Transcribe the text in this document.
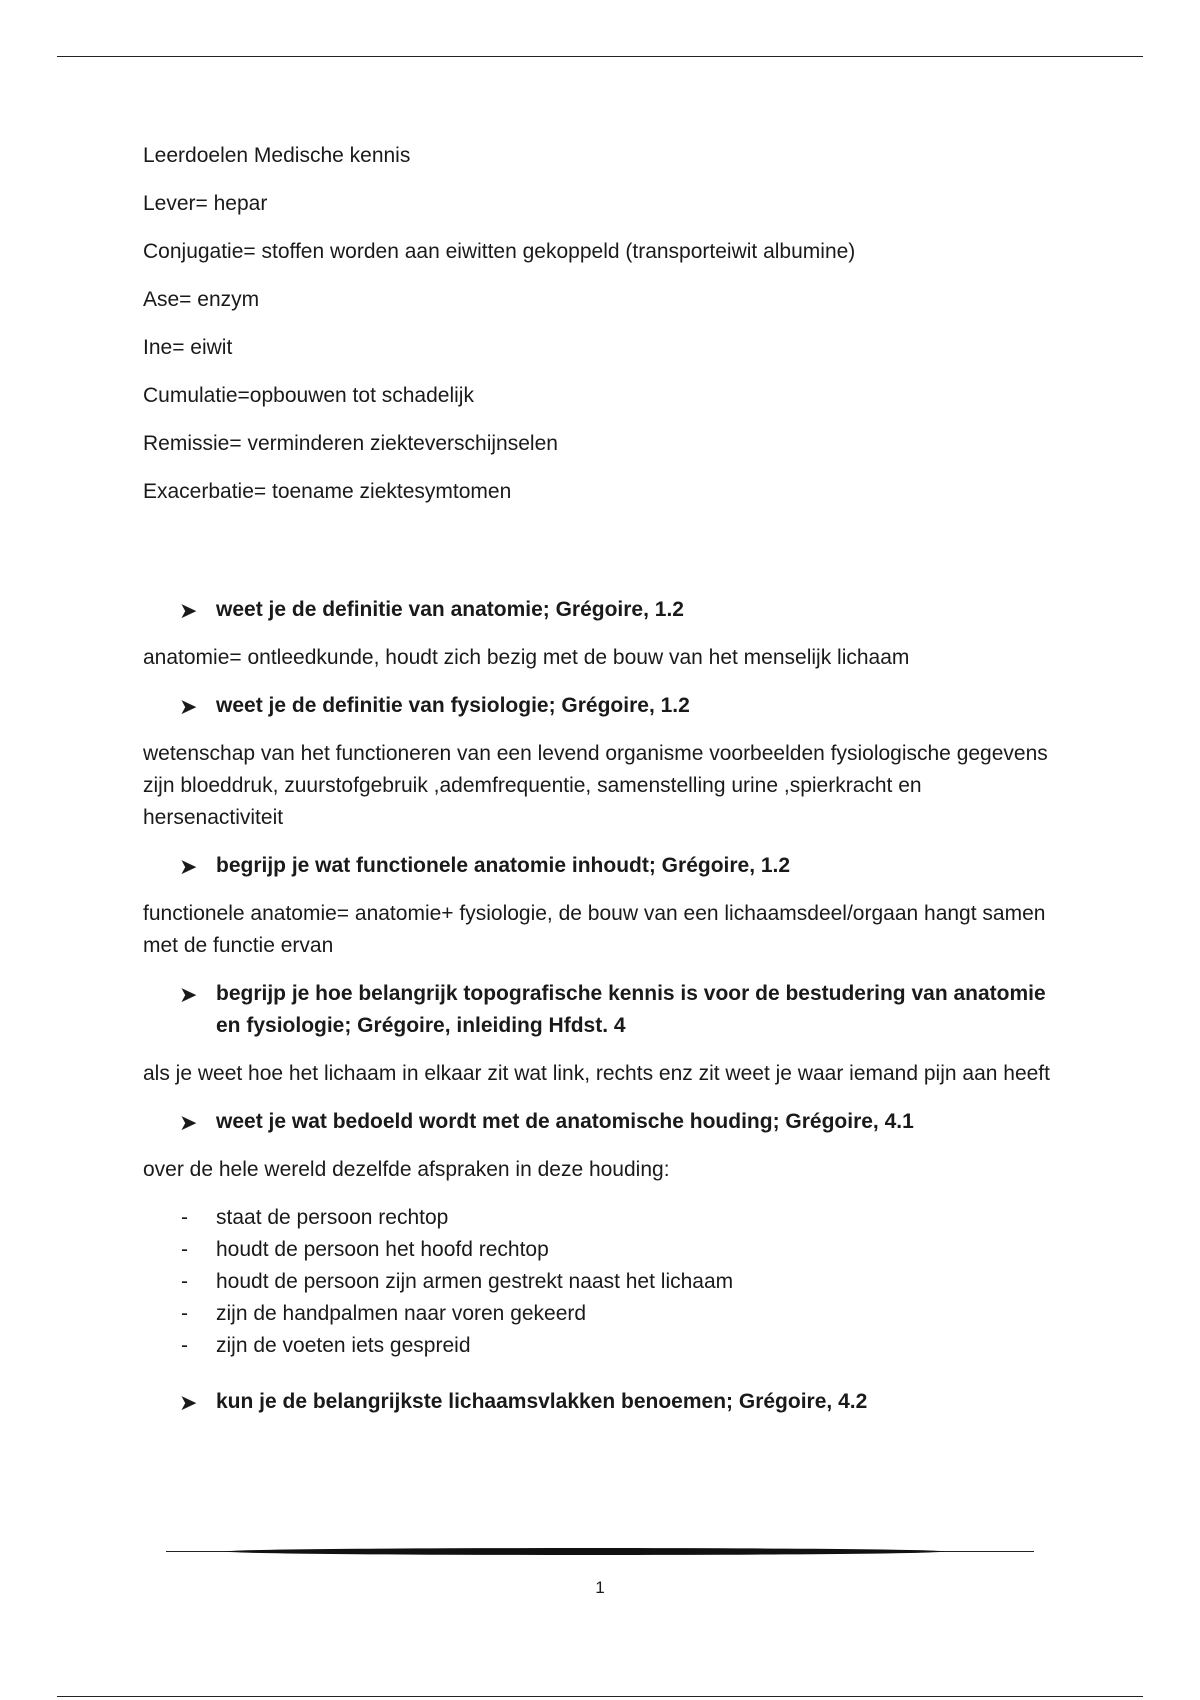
Leerdoelen Medische kennis
Lever= hepar
Conjugatie= stoffen worden aan eiwitten gekoppeld (transporteiwit albumine)
Ase= enzym
Ine= eiwit
Cumulatie=opbouwen tot schadelijk
Remissie= verminderen ziekteverschijnselen
Exacerbatie= toename ziektesymtomen
➤ weet je de definitie van anatomie; Grégoire, 1.2
anatomie= ontleedkunde, houdt zich bezig met de bouw van het menselijk lichaam
➤ weet je de definitie van fysiologie; Grégoire, 1.2
wetenschap van het functioneren van een levend organisme voorbeelden fysiologische gegevens zijn bloeddruk, zuurstofgebruik ,ademfrequentie, samenstelling urine ,spierkracht en hersenactiviteit
➤ begrijp je wat functionele anatomie inhoudt; Grégoire, 1.2
functionele anatomie= anatomie+ fysiologie, de bouw van een lichaamsdeel/orgaan hangt samen met de functie ervan
➤ begrijp je hoe belangrijk topografische kennis is voor de bestudering van anatomie en fysiologie; Grégoire, inleiding Hfdst. 4
als je weet hoe het lichaam in elkaar zit wat link, rechts enz zit weet je waar iemand pijn aan heeft
➤ weet je wat bedoeld wordt met de anatomische houding; Grégoire, 4.1
over de hele wereld dezelfde afspraken in deze houding:
- staat de persoon rechtop
- houdt de persoon het hoofd rechtop
- houdt de persoon zijn armen gestrekt naast het lichaam
- zijn de handpalmen naar voren gekeerd
- zijn de voeten iets gespreid
➤ kun je de belangrijkste lichaamsvlakken benoemen; Grégoire, 4.2
1
